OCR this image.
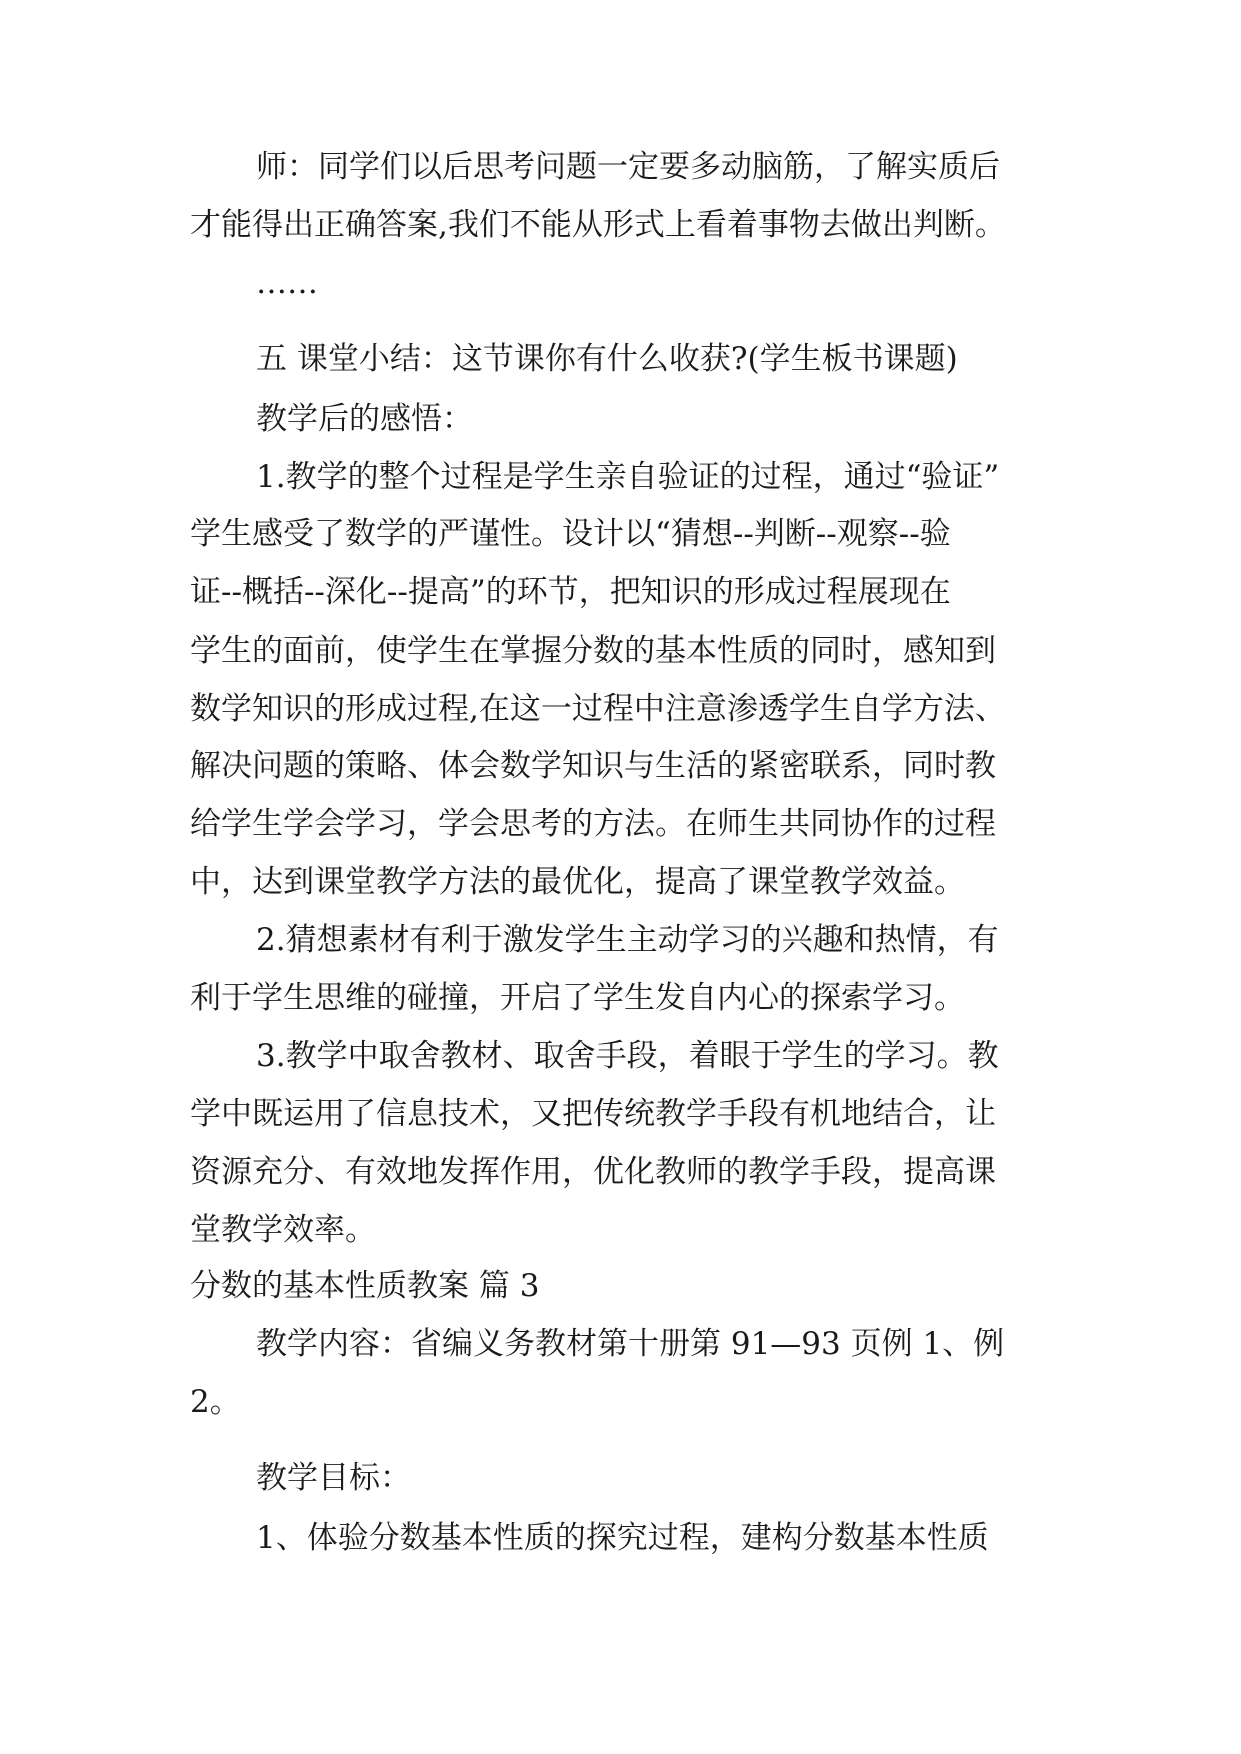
师：同学们以后思考问题一定要多动脑筋，了解实质后

才能得出正确答案,我们不能从形式上看着事物去做出判断。

……

五 课堂小结：这节课你有什么收获?(学生板书课题)

教学后的感悟：

1.教学的整个过程是学生亲自验证的过程，通过“验证”

学生感受了数学的严谨性。设计以“猜想--判断--观察--验

证--概括--深化--提高”的环节，把知识的形成过程展现在

学生的面前，使学生在掌握分数的基本性质的同时，感知到

数学知识的形成过程,在这一过程中注意渗透学生自学方法、

解决问题的策略、体会数学知识与生活的紧密联系，同时教

给学生学会学习，学会思考的方法。在师生共同协作的过程

中，达到课堂教学方法的最优化，提高了课堂教学效益。

2.猜想素材有利于激发学生主动学习的兴趣和热情，有

利于学生思维的碰撞，开启了学生发自内心的探索学习。

3.教学中取舍教材、取舍手段，着眼于学生的学习。教

学中既运用了信息技术，又把传统教学手段有机地结合，让

资源充分、有效地发挥作用，优化教师的教学手段，提高课

堂教学效率。

分数的基本性质教案 篇 3

教学内容：省编义务教材第十册第 91—93 页例 1、例

2。

教学目标：

1、体验分数基本性质的探究过程，建构分数基本性质
